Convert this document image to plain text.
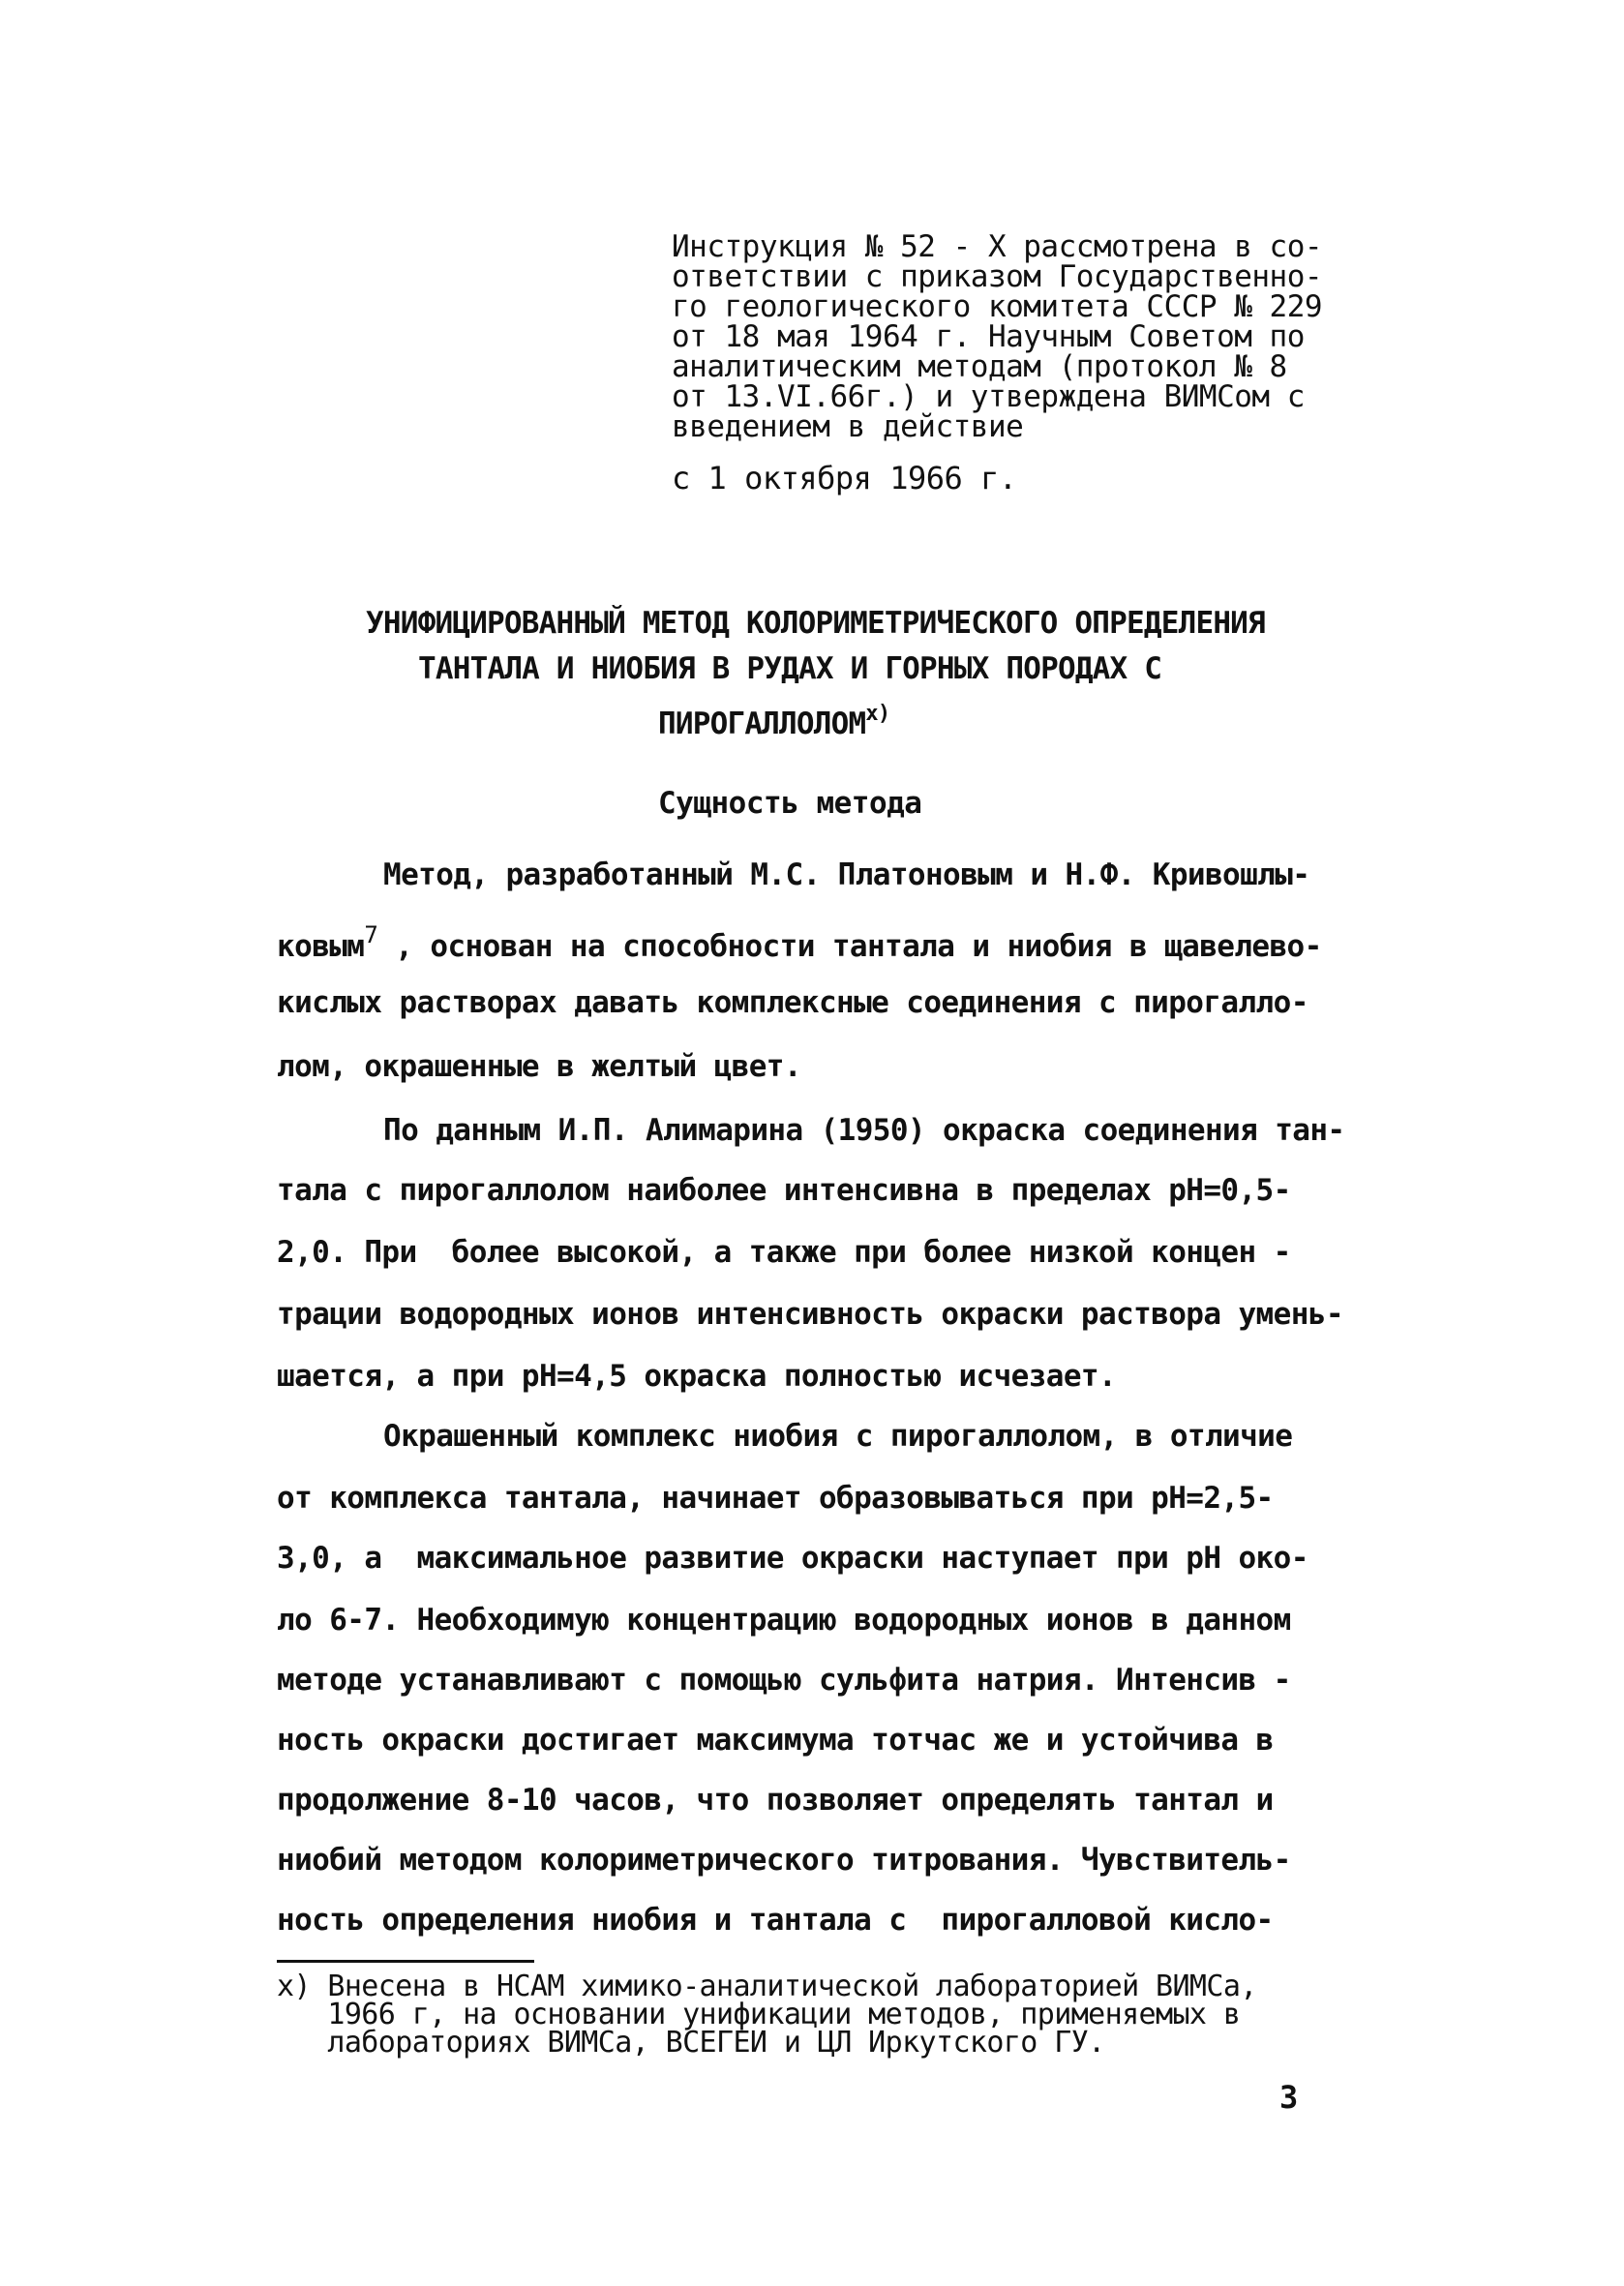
Инструкция № 52 - Х рассмотрена в со-
ответствии с приказом Государственно-
го геологического комитета СССР № 229
от 18 мая 1964 г. Научным Советом по
аналитическим методам (протокол № 8
от 13.VI.66г.) и утверждена ВИМСом с
введением в действие
с 1 октября 1966 г.
УНИФИЦИРОВАННЫЙ МЕТОД КОЛОРИМЕТРИЧЕСКОГО ОПРЕДЕЛЕНИЯ
ТАНТАЛА И НИОБИЯ В РУДАХ И ГОРНЫХ ПОРОДАХ С
ПИРОГАЛЛОЛОМ$^{x)}$
Сущность метода
Метод, разработанный М.С. Платоновым и Н.Ф. Кривошлы-
ковым$^7$ , основан на способности тантала и ниобия в щавелево-
кислых растворах давать комплексные соединения с пирогалло-
лом, окрашенные в желтый цвет.
По данным И.П. Алимарина (1950) окраска соединения тан-
тала с пирогаллолом наиболее интенсивна в пределах pH=0,5-
2,0. При  более высокой, а также при более низкой концен -
трации водородных ионов интенсивность окраски раствора умень-
шается, а при pH=4,5 окраска полностью исчезает.
Окрашенный комплекс ниобия с пирогаллолом, в отличие
от комплекса тантала, начинает образовываться при pH=2,5-
3,0, а  максимальное развитие окраски наступает при pH око-
ло 6-7. Необходимую концентрацию водородных ионов в данном
методе устанавливают с помощью сульфита натрия. Интенсив -
ность окраски достигает максимума тотчас же и устойчива в
продолжение 8-10 часов, что позволяет определять тантал и
ниобий методом колориметрического титрования. Чувствитель-
ность определения ниобия и тантала с  пирогалловой кисло-
х) Внесена в НСАМ химико-аналитической лабораторией ВИМСа,
1966 г, на основании унификации методов, применяемых в
лабораториях ВИМСа, ВСЕГЕИ и ЦЛ Иркутского ГУ.
3
